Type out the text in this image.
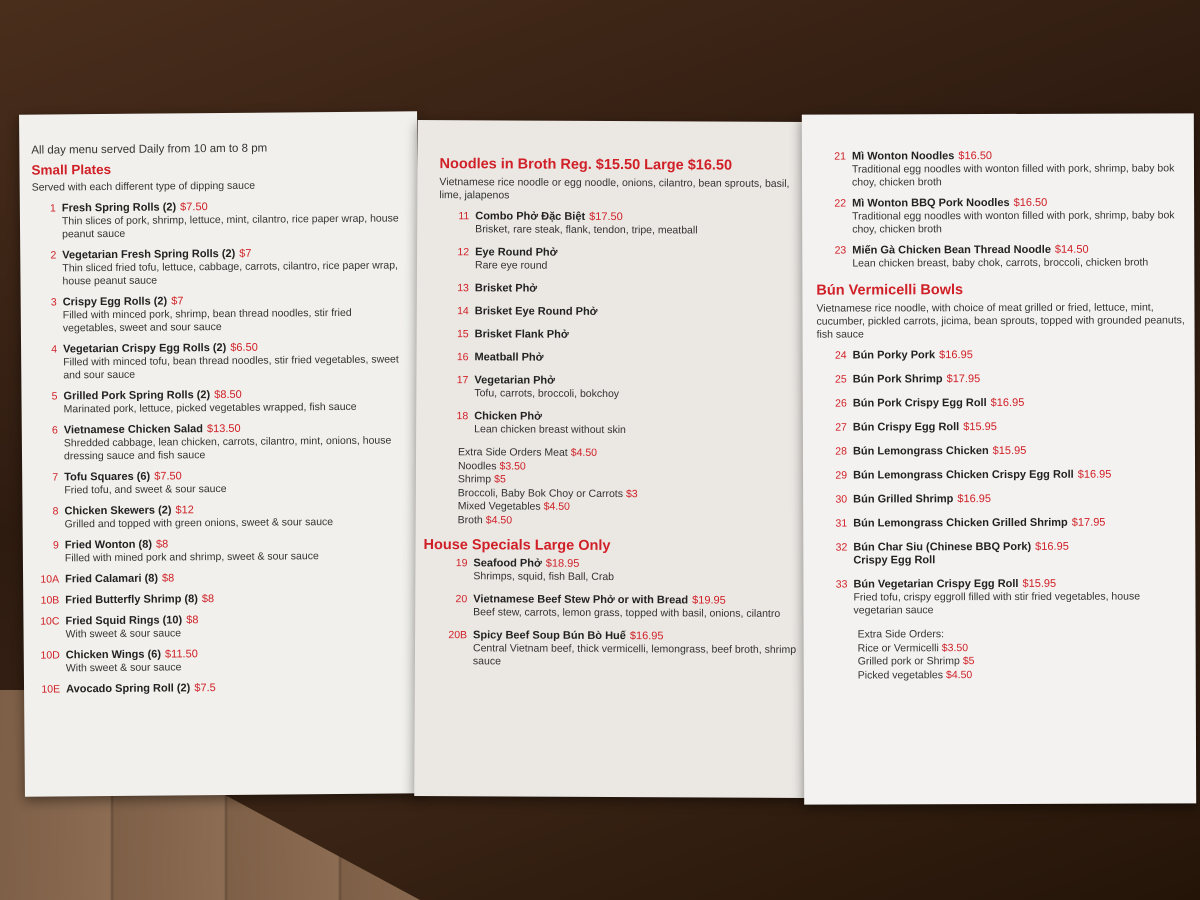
All day menu served Daily from 10 am to 8 pm
Small Plates
Served with each different type of dipping sauce
1 Fresh Spring Rolls (2) $7.50
Thin slices of pork, shrimp, lettuce, mint, cilantro, rice paper wrap, house peanut sauce
2 Vegetarian Fresh Spring Rolls (2) $7
Thin sliced fried tofu, lettuce, cabbage, carrots, cilantro, rice paper wrap, house peanut sauce
3 Crispy Egg Rolls (2) $7
Filled with minced pork, shrimp, bean thread noodles, stir fried vegetables, sweet and sour sauce
4 Vegetarian Crispy Egg Rolls (2) $6.50
Filled with minced tofu, bean thread noodles, stir fried vegetables, sweet and sour sauce
5 Grilled Pork Spring Rolls (2) $8.50
Marinated pork, lettuce, picked vegetables wrapped, fish sauce
6 Vietnamese Chicken Salad $13.50
Shredded cabbage, lean chicken, carrots, cilantro, mint, onions, house dressing sauce and fish sauce
7 Tofu Squares (6) $7.50
Fried tofu, and sweet & sour sauce
8 Chicken Skewers (2) $12
Grilled and topped with green onions, sweet & sour sauce
9 Fried Wonton (8) $8
Filled with mined pork and shrimp, sweet & sour sauce
10A Fried Calamari (8) $8
10B Fried Butterfly Shrimp (8) $8
10C Fried Squid Rings (10) $8
With sweet & sour sauce
10D Chicken Wings (6) $11.50
With sweet & sour sauce
10E Avocado Spring Roll (2) $7.5
Noodles in Broth Reg. $15.50 Large $16.50
Vietnamese rice noodle or egg noodle, onions, cilantro, bean sprouts, basil, lime, jalapenos
11 Combo Phở Đặc Biệt $17.50
Brisket, rare steak, flank, tendon, tripe, meatball
12 Eye Round Phở
Rare eye round
13 Brisket Phở
14 Brisket Eye Round Phở
15 Brisket Flank Phở
16 Meatball Phở
17 Vegetarian Phở
Tofu, carrots, broccoli, bokchoy
18 Chicken Phở
Lean chicken breast without skin
Extra Side Orders Meat $4.50
Noodles $3.50
Shrimp $5
Broccoli, Baby Bok Choy or Carrots $3
Mixed Vegetables $4.50
Broth $4.50
House Specials Large Only
19 Seafood Phở $18.95
Shrimps, squid, fish Ball, Crab
20 Vietnamese Beef Stew Phở or with Bread $19.95
Beef stew, carrots, lemon grass, topped with basil, onions, cilantro
20B Spicy Beef Soup Bún Bò Huế $16.95
Central Vietnam beef, thick vermicelli, lemongrass, beef broth, shrimp sauce
21 Mì Wonton Noodles $16.50
Traditional egg noodles with wonton filled with pork, shrimp, baby bok choy, chicken broth
22 Mì Wonton BBQ Pork Noodles $16.50
Traditional egg noodles with wonton filled with pork, shrimp, baby bok choy, chicken broth
23 Miến Gà Chicken Bean Thread Noodle $14.50
Lean chicken breast, baby chok, carrots, broccoli, chicken broth
Bún Vermicelli Bowls
Vietnamese rice noodle, with choice of meat grilled or fried, lettuce, mint, cucumber, pickled carrots, jicima, bean sprouts, topped with grounded peanuts, fish sauce
24 Bún Porky Pork $16.95
25 Bún Pork Shrimp $17.95
26 Bún Pork Crispy Egg Roll $16.95
27 Bún Crispy Egg Roll $15.95
28 Bún Lemongrass Chicken $15.95
29 Bún Lemongrass Chicken Crispy Egg Roll $16.95
30 Bún Grilled Shrimp $16.95
31 Bún Lemongrass Chicken Grilled Shrimp $17.95
32 Bún Char Siu (Chinese BBQ Pork) $16.95
Crispy Egg Roll
33 Bún Vegetarian Crispy Egg Roll $15.95
Fried tofu, crispy eggroll filled with stir fried vegetables, house vegetarian sauce
Extra Side Orders:
Rice or Vermicelli $3.50
Grilled pork or Shrimp $5
Picked vegetables $4.50
